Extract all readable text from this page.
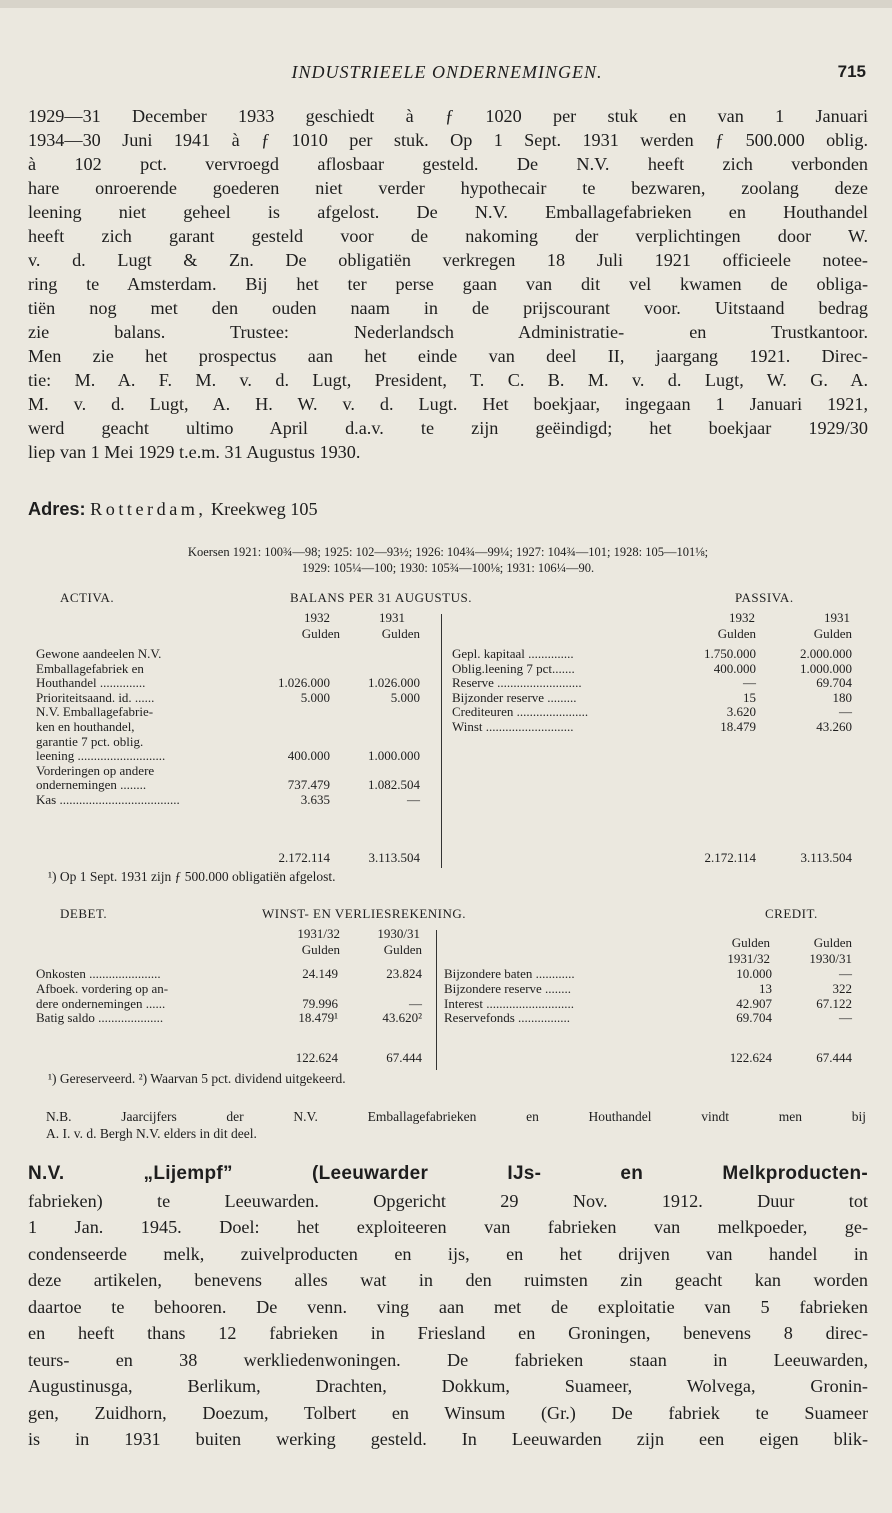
INDUSTRIEELE ONDERNEMINGEN.	715

1929—31 December 1933 geschiedt à ƒ 1020 per stuk en van 1 Januari

1934—30 Juni 1941 à ƒ 1010 per stuk. Op 1 Sept. 1931 werden ƒ 500.000 oblig.

à 102 pct. vervroegd aflosbaar gesteld. De N.V. heeft zich verbonden

hare onroerende goederen niet verder hypothecair te bezwaren, zoolang deze

leening niet geheel is afgelost. De N.V. Emballagefabrieken en Houthandel

heeft zich garant gesteld voor de nakoming der verplichtingen door W.

v. d. Lugt & Zn. De obligatiën verkregen 18 Juli 1921 officieele notee-

ring te Amsterdam. Bij het ter perse gaan van dit vel kwamen de obliga-

tiën nog met den ouden naam in de prijscourant voor. Uitstaand bedrag

zie balans. Trustee: Nederlandsch Administratie- en Trustkantoor.

Men zie het prospectus aan het einde van deel II, jaargang 1921. Direc-

tie: M. A. F. M. v. d. Lugt, President, T. C. B. M. v. d. Lugt, W. G. A.

M. v. d. Lugt, A. H. W. v. d. Lugt. Het boekjaar, ingegaan 1 Januari 1921,

werd geacht ultimo April d.a.v. te zijn geëindigd; het boekjaar 1929/30

liep van 1 Mei 1929 t.e.m. 31 Augustus 1930.

Adres: Rotterdam, Kreekweg 105

Koersen 1921: 100¾—98; 1925: 102—93½; 1926: 104¾—99¼; 1927: 104¾—101; 1928: 105—101⅛;
1929: 105¼—100; 1930: 105¾—100⅛; 1931: 106¼—90.
ACTIVA.	BALANS PER 31 AUGUSTUS.	PASSIVA.
1932	1931	1932	1931
Gulden	Gulden	Gulden	Gulden
Gewone aandeelen N.V.
Emballagefabriek en
Houthandel ..............	1.026.000	1.026.000
Prioriteitsaand. id. ......	5.000	5.000
N.V. Emballagefabrie-
ken en houthandel,
garantie 7 pct. oblig.
leening ...........................	400.000	1.000.000
Vorderingen op andere
ondernemingen ........	737.479	1.082.504
Kas .....................................	3.635	—
Gepl. kapitaal ..............	1.750.000	2.000.000
Oblig.leening 7 pct.......	400.000	1.000.000
Reserve ..........................	—	69.704
Bijzonder reserve .........	15	180
Crediteuren ......................	3.620	—
Winst ...........................	18.479	43.260
2.172.114	3.113.504	2.172.114	3.113.504
¹) Op 1 Sept. 1931 zijn ƒ 500.000 obligatiën afgelost.
DEBET.	WINST- EN VERLIESREKENING.	CREDIT.
1931/32	1930/31
Gulden	Gulden	Gulden	Gulden
1931/32	1930/31
Onkosten ......................	24.149	23.824
Afboek. vordering op an-
dere ondernemingen ......	79.996	—
Batig saldo ....................	18.479¹	43.620²
Bijzondere baten ............	10.000	—
Bijzondere reserve ........	13	322
Interest ...........................	42.907	67.122
Reservefonds ................	69.704	—
122.624	67.444	122.624	67.444
¹) Gereserveerd. ²) Waarvan 5 pct. dividend uitgekeerd.
N.B. Jaarcijfers der N.V. Emballagefabrieken en Houthandel vindt men bij
A. I. v. d. Bergh N.V. elders in dit deel.

N.V. „Lijempf” (Leeuwarder IJs- en Melkproducten-

fabrieken) te Leeuwarden. Opgericht 29 Nov. 1912. Duur tot

1 Jan. 1945. Doel: het exploiteeren van fabrieken van melkpoeder, ge-

condenseerde melk, zuivelproducten en ijs, en het drijven van handel in

deze artikelen, benevens alles wat in den ruimsten zin geacht kan worden

daartoe te behooren. De venn. ving aan met de exploitatie van 5 fabrieken

en heeft thans 12 fabrieken in Friesland en Groningen, benevens 8 direc-

teurs- en 38 werkliedenwoningen. De fabrieken staan in Leeuwarden,

Augustinusga, Berlikum, Drachten, Dokkum, Suameer, Wolvega, Gronin-

gen, Zuidhorn, Doezum, Tolbert en Winsum (Gr.) De fabriek te Suameer

is in 1931 buiten werking gesteld. In Leeuwarden zijn een eigen blik-
